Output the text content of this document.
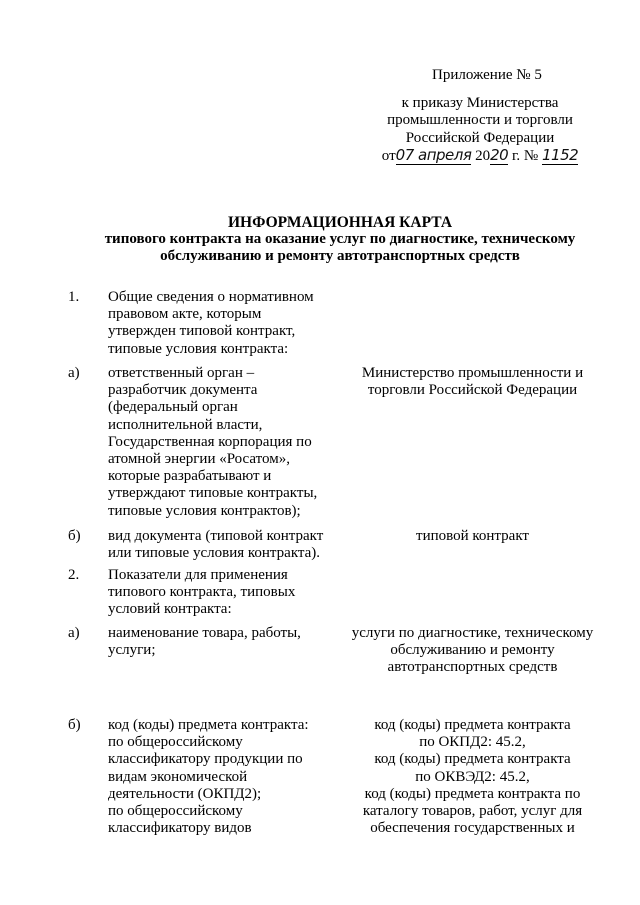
Приложение № 5
к приказу Министерства
промышленности и торговли
Российской Федерации
от07 апреля 2020 г. № 1152
ИНФОРМАЦИОННАЯ КАРТА
типового контракта на оказание услуг по диагностике, техническому
обслуживанию и ремонту автотранспортных средств
1. Общие сведения о нормативном
правовом акте, которым
утвержден типовой контракт,
типовые условия контракта:
а) ответственный орган –
разработчик документа
(федеральный орган
исполнительной власти,
Государственная корпорация по
атомной энергии «Росатом»,
которые разрабатывают и
утверждают типовые контракты,
типовые условия контрактов);
Министерство промышленности и
торговли Российской Федерации
б) вид документа (типовой контракт
или типовые условия контракта).
типовой контракт
2. Показатели для применения
типового контракта, типовых
условий контракта:
а) наименование товара, работы,
услуги;
услуги по диагностике, техническому
обслуживанию и ремонту
автотранспортных средств
б) код (коды) предмета контракта:
по общероссийскому
классификатору продукции по
видам экономической
деятельности (ОКПД2);
по общероссийскому
классификатору видов
код (коды) предмета контракта
по ОКПД2: 45.2,
код (коды) предмета контракта
по ОКВЭД2: 45.2,
код (коды) предмета контракта по
каталогу товаров, работ, услуг для
обеспечения государственных и
